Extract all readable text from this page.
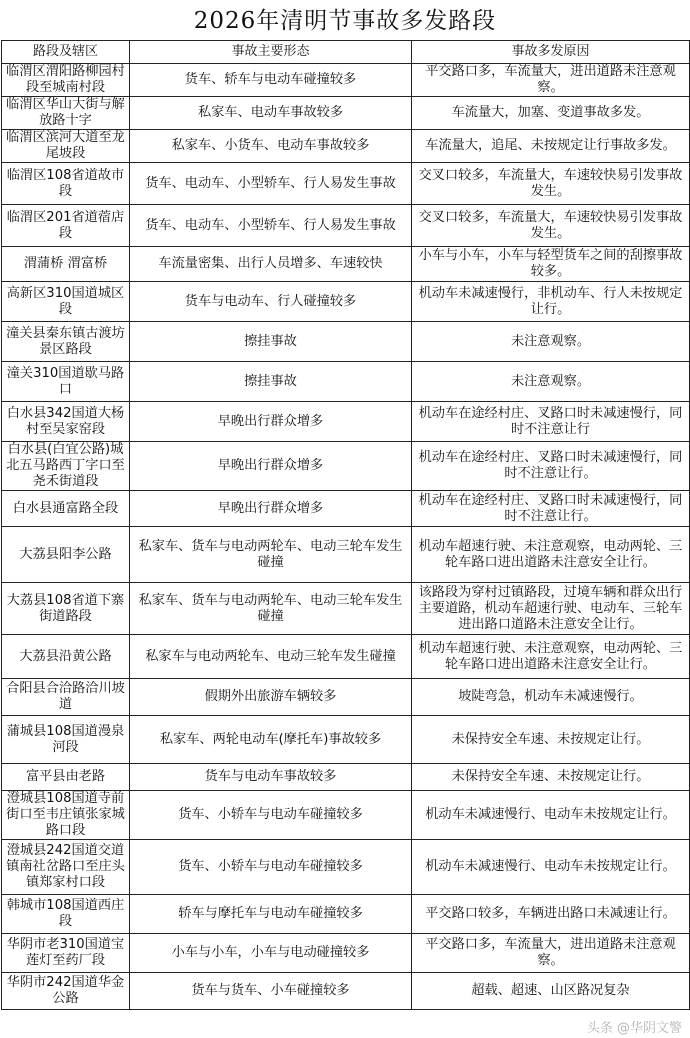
2026年清明节事故多发路段
路段及辖区	事故主要形态	事故多发原因
临渭区渭阳路柳园村段至城南村段	货车、轿车与电动车碰撞较多	平交路口多，车流量大，进出道路未注意观察。
临渭区华山大街与解放路十字	私家车、电动车事故较多	车流量大，加塞、变道事故多发。
临渭区滨河大道至龙尾坡段	私家车、小货车、电动车事故较多	车流量大，追尾、未按规定让行事故多发。
临渭区108省道故市段	货车、电动车、小型轿车、行人易发生事故	交叉口较多，车流量大，车速较快易引发事故发生。
临渭区201省道蓿店段	货车、电动车、小型轿车、行人易发生事故	交叉口较多，车流量大，车速较快易引发事故发生。
渭蒲桥 渭富桥	车流量密集、出行人员增多、车速较快	小车与小车，小车与轻型货车之间的刮擦事故较多。
高新区310国道城区段	货车与电动车、行人碰撞较多	机动车未减速慢行，非机动车、行人未按规定让行。
潼关县秦东镇古渡坊景区路段	擦挂事故	未注意观察。
潼关310国道歇马路口	擦挂事故	未注意观察。
白水县342国道大杨村至吴家窑段	早晚出行群众增多	机动车在途经村庄、叉路口时未减速慢行，同时不注意让行
白水县(白宜公路)城北五马路西丁字口至尧禾街道段	早晚出行群众增多	机动车在途经村庄、叉路口时未减速慢行，同时不注意让行。
白水县通富路全段	早晚出行群众增多	机动车在途经村庄、叉路口时未减速慢行，同时不注意让行。
大荔县阳李公路	私家车、货车与电动两轮车、电动三轮车发生碰撞	机动车超速行驶、未注意观察，电动两轮、三轮车路口进出道路未注意安全让行。
大荔县108省道下寨街道路段	私家车、货车与电动两轮车、电动三轮车发生碰撞	该路段为穿村过镇路段，过境车辆和群众出行主要道路，机动车超速行驶、电动车、三轮车进出路口道路未注意安全让行。
大荔县沿黄公路	私家车与电动两轮车、电动三轮车发生碰撞	机动车超速行驶、未注意观察，电动两轮、三轮车路口进出道路未注意安全让行。
合阳县合洽路洽川坡道	假期外出旅游车辆较多	坡陡弯急，机动车未减速慢行。
蒲城县108国道漫泉河段	私家车、两轮电动车(摩托车)事故较多	未保持安全车速、未按规定让行。
富平县由老路	货车与电动车事故较多	未保持安全车速、未按规定让行。
澄城县108国道寺前街口至韦庄镇张家城路口段	货车、小轿车与电动车碰撞较多	机动车未减速慢行、电动车未按规定让行。
澄城县242国道交道镇南社岔路口至庄头镇郑家村口段	货车、小轿车与电动车碰撞较多	机动车未减速慢行、电动车未按规定让行。
韩城市108国道西庄段	轿车与摩托车与电动车碰撞较多	平交路口较多，车辆进出路口未减速让行。
华阴市老310国道宝莲灯至药厂段	小车与小车，小车与电动碰撞较多	平交路口多，车流量大，进出道路未注意观察。
华阴市242国道华金公路	货车与货车、小车碰撞较多	超载、超速、山区路况复杂
头条 @华阴文警
